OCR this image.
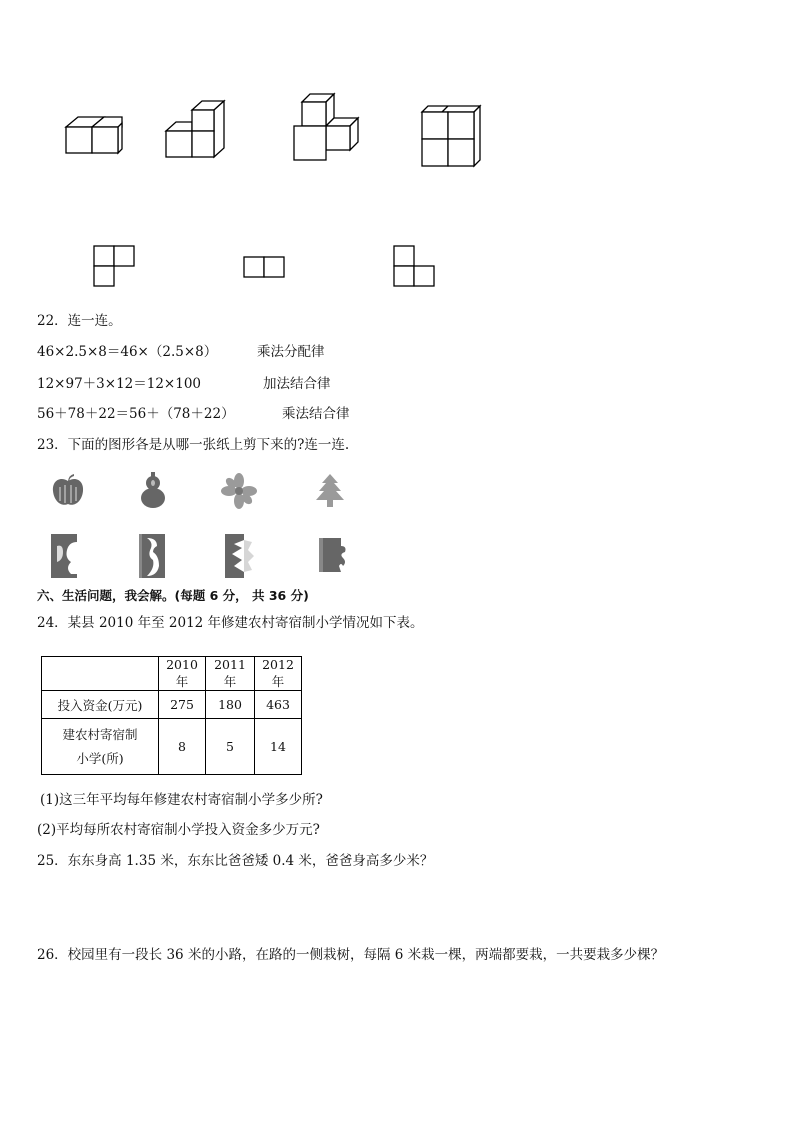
22．连一连。
46×2.5×8＝46×（2.5×8）
12×97＋3×12＝12×100
56＋78＋22＝56＋（78＋22）
乘法分配律
加法结合律
乘法结合律
23．下面的图形各是从哪一张纸上剪下来的?连一连.
六、生活问题，我会解。(每题 6 分， 共 36 分)
24．某县 2010 年至 2012 年修建农村寄宿制小学情况如下表。
	2010 年	2011 年	2012 年
投入资金(万元)	275	180	463

建农村寄宿制
小学(所)	8	5	14
(1)这三年平均每年修建农村寄宿制小学多少所?
(2)平均每所农村寄宿制小学投入资金多少万元?
25．东东身高 1.35 米，东东比爸爸矮 0.4 米，爸爸身高多少米？
26．校园里有一段长 36 米的小路，在路的一侧栽树，每隔 6 米栽一棵，两端都要栽，一共要栽多少棵？
